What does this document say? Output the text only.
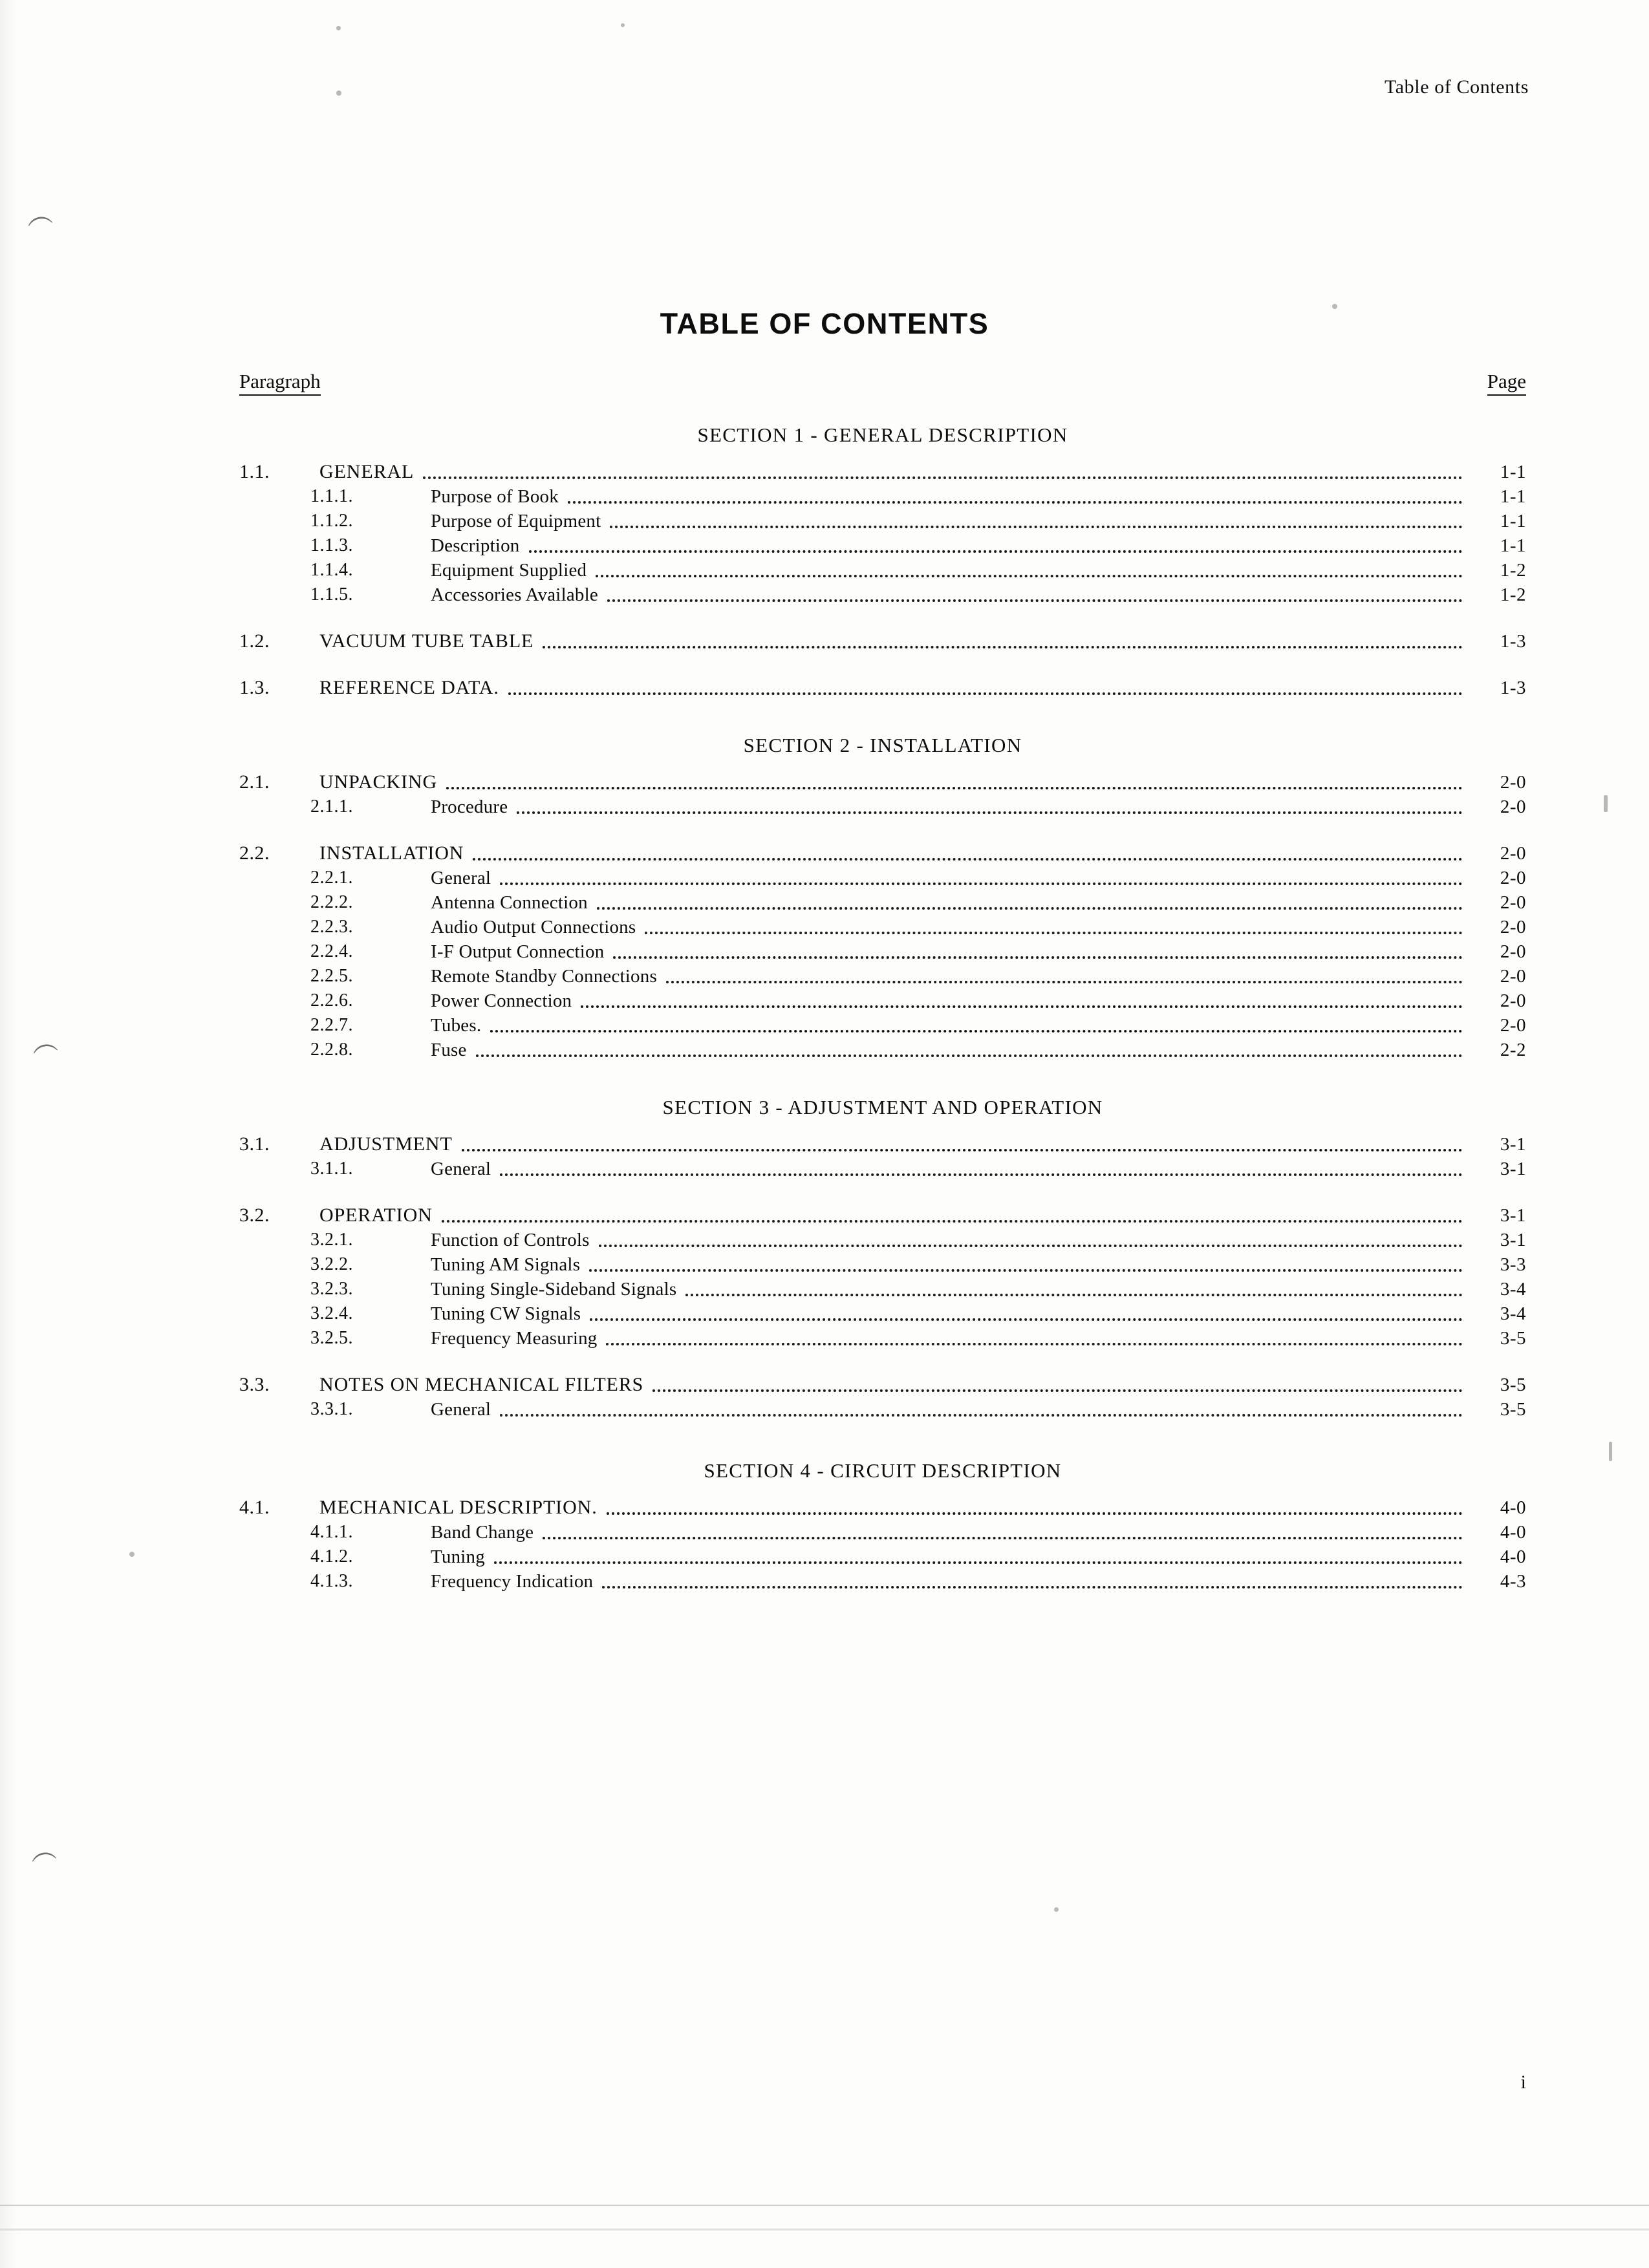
︵
︵
︵
Table of Contents
TABLE OF CONTENTS
Paragraph	Page
SECTION 1 - GENERAL DESCRIPTION
1.1.	GENERAL	1-1
1.1.1.	Purpose of Book	1-1
1.1.2.	Purpose of Equipment	1-1
1.1.3.	Description	1-1
1.1.4.	Equipment Supplied	1-2
1.1.5.	Accessories Available	1-2
1.2.	VACUUM TUBE TABLE	1-3
1.3.	REFERENCE DATA.	1-3
SECTION 2 - INSTALLATION
2.1.	UNPACKING	2-0
2.1.1.	Procedure	2-0
2.2.	INSTALLATION	2-0
2.2.1.	General	2-0
2.2.2.	Antenna Connection	2-0
2.2.3.	Audio Output Connections	2-0
2.2.4.	I-F Output Connection	2-0
2.2.5.	Remote Standby Connections	2-0
2.2.6.	Power Connection	2-0
2.2.7.	Tubes.	2-0
2.2.8.	Fuse	2-2
SECTION 3 - ADJUSTMENT AND OPERATION
3.1.	ADJUSTMENT	3-1
3.1.1.	General	3-1
3.2.	OPERATION	3-1
3.2.1.	Function of Controls	3-1
3.2.2.	Tuning AM Signals	3-3
3.2.3.	Tuning Single-Sideband Signals	3-4
3.2.4.	Tuning CW Signals	3-4
3.2.5.	Frequency Measuring	3-5
3.3.	NOTES ON MECHANICAL FILTERS	3-5
3.3.1.	General	3-5
SECTION 4 - CIRCUIT DESCRIPTION
4.1.	MECHANICAL DESCRIPTION.	4-0
4.1.1.	Band Change	4-0
4.1.2.	Tuning	4-0
4.1.3.	Frequency Indication	4-3
i
